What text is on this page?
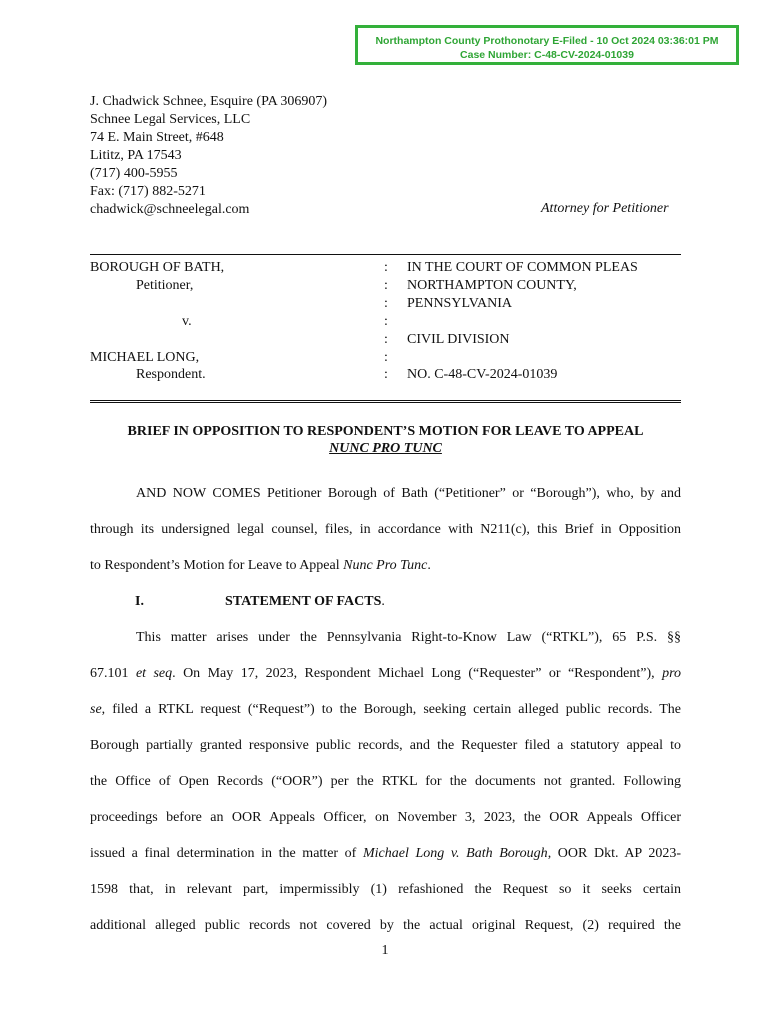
Northampton County Prothonotary E-Filed - 10 Oct 2024 03:36:01 PM
Case Number: C-48-CV-2024-01039
J. Chadwick Schnee, Esquire (PA 306907)
Schnee Legal Services, LLC
74 E. Main Street, #648
Lititz, PA 17543
(717) 400-5955
Fax: (717) 882-5271
chadwick@schneelegal.com	Attorney for Petitioner
BOROUGH OF BATH,
Petitioner,

v.

MICHAEL LONG,
Respondent.
:
:
:
:
:
:
:
IN THE COURT OF COMMON PLEAS
NORTHAMPTON COUNTY,
PENNSYLVANIA

CIVIL DIVISION

NO. C-48-CV-2024-01039
BRIEF IN OPPOSITION TO RESPONDENT’S MOTION FOR LEAVE TO APPEAL
NUNC PRO TUNC

AND NOW COMES Petitioner Borough of Bath (“Petitioner” or “Borough”), who, by and

through its undersigned legal counsel, files, in accordance with N211(c), this Brief in Opposition

to Respondent’s Motion for Leave to Appeal Nunc Pro Tunc.

I.	STATEMENT OF FACTS.

This matter arises under the Pennsylvania Right-to-Know Law (“RTKL”), 65 P.S. §§

67.101 et seq. On May 17, 2023, Respondent Michael Long (“Requester” or “Respondent”), pro

se, filed a RTKL request (“Request”) to the Borough, seeking certain alleged public records. The

Borough partially granted responsive public records, and the Requester filed a statutory appeal to

the Office of Open Records (“OOR”) per the RTKL for the documents not granted. Following

proceedings before an OOR Appeals Officer, on November 3, 2023, the OOR Appeals Officer

issued a final determination in the matter of Michael Long v. Bath Borough, OOR Dkt. AP 2023-

1598 that, in relevant part, impermissibly (1) refashioned the Request so it seeks certain

additional alleged public records not covered by the actual original Request, (2) required the

1
